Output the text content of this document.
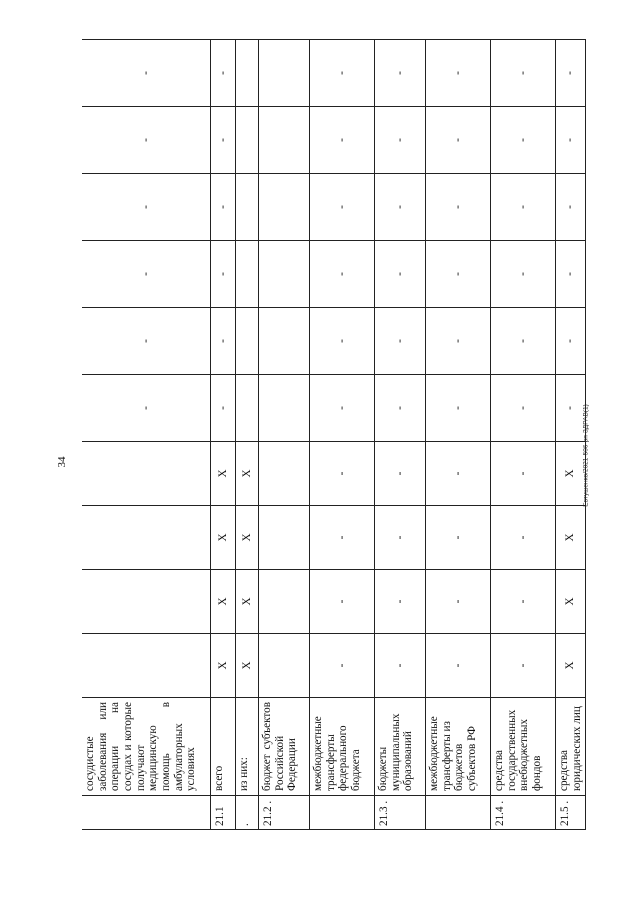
34	Евтушенко/2021-506-рп-ЗДРАВ(1)
	сосудистые заболевания или операции на сосудах и которые получают медицинскую помощь в амбулаторных условиях					-	-	-	-	-	-
21.1	всего	X	X	X	X	-	-	-	-	-	-
.	из них:	X	X	X	X						
21.2 .	бюджет субъектов Российской Федерации										
	межбюджетные трансферты федерального бюджета	-	-	-	-	-	-	-	-	-	-
21.3 .	бюджеты муниципальных образований	-	-	-	-	-	-	-	-	-	-
	межбюджетные трансферты из бюджетов субъектов РФ	-	-	-	-	-	-	-	-	-	-
21.4 .	средства государственных внебюджетных фондов	-	-	-	-	-	-	-	-	-	-
21.5 .	средства юридических лиц	X	X	X	X	-	-	-	-	-	-
